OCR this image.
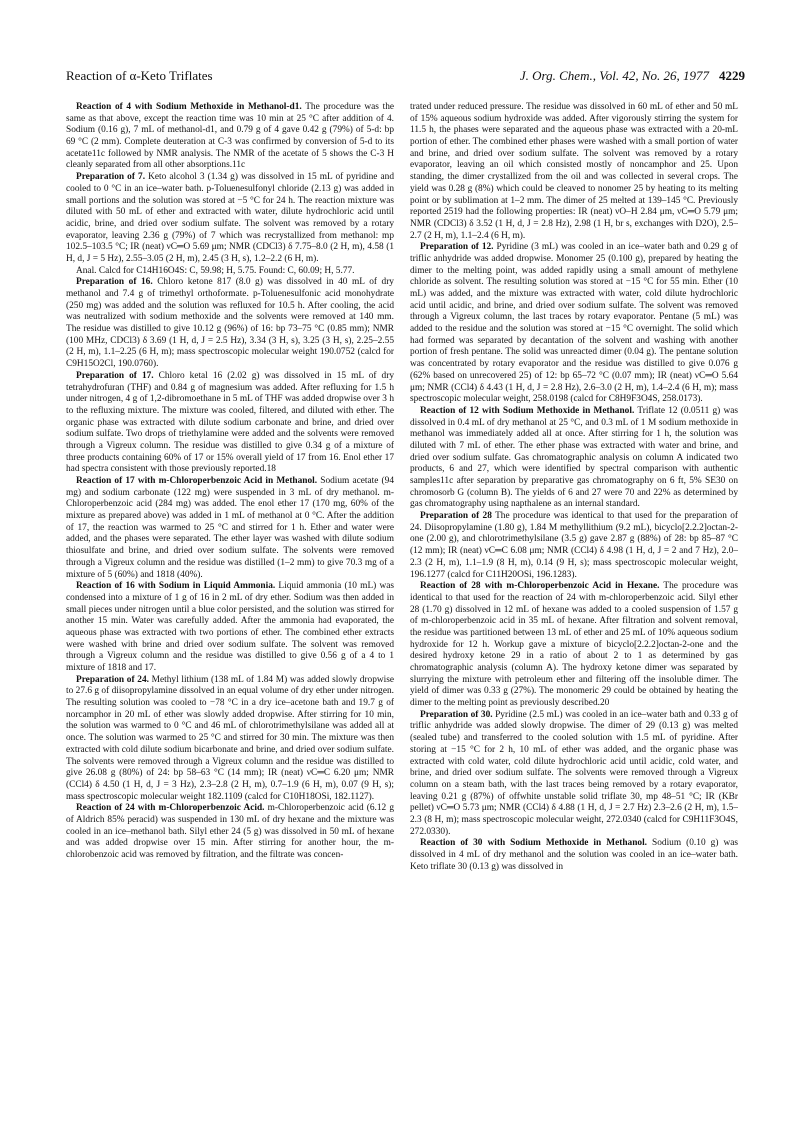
Reaction of α-Keto Triflates	J. Org. Chem., Vol. 42, No. 26, 1977 4229

Reaction of 4 with Sodium Methoxide in Methanol-d1. The procedure was the same as that above, except the reaction time was 10 min at 25 °C after addition of 4. Sodium (0.16 g), 7 mL of methanol-d1, and 0.79 g of 4 gave 0.42 g (79%) of 5-d: bp 69 °C (2 mm). Complete deuteration at C-3 was confirmed by conversion of 5-d to its acetate11c followed by NMR analysis. The NMR of the acetate of 5 shows the C-3 H cleanly separated from all other absorptions.11c

Preparation of 7. Keto alcohol 3 (1.34 g) was dissolved in 15 mL of pyridine and cooled to 0 °C in an ice–water bath. p-Toluenesulfonyl chloride (2.13 g) was added in small portions and the solution was stored at −5 °C for 24 h. The reaction mixture was diluted with 50 mL of ether and extracted with water, dilute hydrochloric acid until acidic, brine, and dried over sodium sulfate. The solvent was removed by a rotary evaporator, leaving 2.36 g (79%) of 7 which was recrystallized from methanol: mp 102.5–103.5 °C; IR (neat) νC═O 5.69 μm; NMR (CDCl3) δ 7.75–8.0 (2 H, m), 4.58 (1 H, d, J = 5 Hz), 2.55–3.05 (2 H, m), 2.45 (3 H, s), 1.2–2.2 (6 H, m).

Anal. Calcd for C14H16O4S: C, 59.98; H, 5.75. Found: C, 60.09; H, 5.77.

Preparation of 16. Chloro ketone 817 (8.0 g) was dissolved in 40 mL of dry methanol and 7.4 g of trimethyl orthoformate. p-Toluenesulfonic acid monohydrate (250 mg) was added and the solution was refluxed for 10.5 h. After cooling, the acid was neutralized with sodium methoxide and the solvents were removed at 140 mm. The residue was distilled to give 10.12 g (96%) of 16: bp 73–75 °C (0.85 mm); NMR (100 MHz, CDCl3) δ 3.69 (1 H, d, J = 2.5 Hz), 3.34 (3 H, s), 3.25 (3 H, s), 2.25–2.55 (2 H, m), 1.1–2.25 (6 H, m); mass spectroscopic molecular weight 190.0752 (calcd for C9H15O2Cl, 190.0760).

Preparation of 17. Chloro ketal 16 (2.02 g) was dissolved in 15 mL of dry tetrahydrofuran (THF) and 0.84 g of magnesium was added. After refluxing for 1.5 h under nitrogen, 4 g of 1,2-dibromoethane in 5 mL of THF was added dropwise over 3 h to the refluxing mixture. The mixture was cooled, filtered, and diluted with ether. The organic phase was extracted with dilute sodium carbonate and brine, and dried over sodium sulfate. Two drops of triethylamine were added and the solvents were removed through a Vigreux column. The residue was distilled to give 0.34 g of a mixture of three products containing 60% of 17 or 15% overall yield of 17 from 16. Enol ether 17 had spectra consistent with those previously reported.18

Reaction of 17 with m-Chloroperbenzoic Acid in Methanol. Sodium acetate (94 mg) and sodium carbonate (122 mg) were suspended in 3 mL of dry methanol. m-Chloroperbenzoic acid (284 mg) was added. The enol ether 17 (170 mg, 60% of the mixture as prepared above) was added in 1 mL of methanol at 0 °C. After the addition of 17, the reaction was warmed to 25 °C and stirred for 1 h. Ether and water were added, and the phases were separated. The ether layer was washed with dilute sodium thiosulfate and brine, and dried over sodium sulfate. The solvents were removed through a Vigreux column and the residue was distilled (1–2 mm) to give 70.3 mg of a mixture of 5 (60%) and 1818 (40%).

Reaction of 16 with Sodium in Liquid Ammonia. Liquid ammonia (10 mL) was condensed into a mixture of 1 g of 16 in 2 mL of dry ether. Sodium was then added in small pieces under nitrogen until a blue color persisted, and the solution was stirred for another 15 min. Water was carefully added. After the ammonia had evaporated, the aqueous phase was extracted with two portions of ether. The combined ether extracts were washed with brine and dried over sodium sulfate. The solvent was removed through a Vigreux column and the residue was distilled to give 0.56 g of a 4 to 1 mixture of 1818 and 17.

Preparation of 24. Methyl lithium (138 mL of 1.84 M) was added slowly dropwise to 27.6 g of diisopropylamine dissolved in an equal volume of dry ether under nitrogen. The resulting solution was cooled to −78 °C in a dry ice–acetone bath and 19.7 g of norcamphor in 20 mL of ether was slowly added dropwise. After stirring for 10 min, the solution was warmed to 0 °C and 46 mL of chlorotrimethylsilane was added all at once. The solution was warmed to 25 °C and stirred for 30 min. The mixture was then extracted with cold dilute sodium bicarbonate and brine, and dried over sodium sulfate. The solvents were removed through a Vigreux column and the residue was distilled to give 26.08 g (80%) of 24: bp 58–63 °C (14 mm); IR (neat) νC═C 6.20 μm; NMR (CCl4) δ 4.50 (1 H, d, J = 3 Hz), 2.3–2.8 (2 H, m), 0.7–1.9 (6 H, m), 0.07 (9 H, s); mass spectroscopic molecular weight 182.1109 (calcd for C10H18OSi, 182.1127).

Reaction of 24 with m-Chloroperbenzoic Acid. m-Chloroperbenzoic acid (6.12 g of Aldrich 85% peracid) was suspended in 130 mL of dry hexane and the mixture was cooled in an ice–methanol bath. Silyl ether 24 (5 g) was dissolved in 50 mL of hexane and was added dropwise over 15 min. After stirring for another hour, the m-chlorobenzoic acid was removed by filtration, and the filtrate was concen-

trated under reduced pressure. The residue was dissolved in 60 mL of ether and 50 mL of 15% aqueous sodium hydroxide was added. After vigorously stirring the system for 11.5 h, the phases were separated and the aqueous phase was extracted with a 20-mL portion of ether. The combined ether phases were washed with a small portion of water and brine, and dried over sodium sulfate. The solvent was removed by a rotary evaporator, leaving an oil which consisted mostly of noncamphor and 25. Upon standing, the dimer crystallized from the oil and was collected in several crops. The yield was 0.28 g (8%) which could be cleaved to nonomer 25 by heating to its melting point or by sublimation at 1–2 mm. The dimer of 25 melted at 139–145 °C. Previously reported 2519 had the following properties: IR (neat) νO–H 2.84 μm, νC═O 5.79 μm; NMR (CDCl3) δ 3.52 (1 H, d, J = 2.8 Hz), 2.98 (1 H, br s, exchanges with D2O), 2.5–2.7 (2 H, m), 1.1–2.4 (6 H, m).

Preparation of 12. Pyridine (3 mL) was cooled in an ice–water bath and 0.29 g of triflic anhydride was added dropwise. Monomer 25 (0.100 g), prepared by heating the dimer to the melting point, was added rapidly using a small amount of methylene chloride as solvent. The resulting solution was stored at −15 °C for 55 min. Ether (10 mL) was added, and the mixture was extracted with water, cold dilute hydrochloric acid until acidic, and brine, and dried over sodium sulfate. The solvent was removed through a Vigreux column, the last traces by rotary evaporator. Pentane (5 mL) was added to the residue and the solution was stored at −15 °C overnight. The solid which had formed was separated by decantation of the solvent and washing with another portion of fresh pentane. The solid was unreacted dimer (0.04 g). The pentane solution was concentrated by rotary evaporator and the residue was distilled to give 0.076 g (62% based on unrecovered 25) of 12: bp 65–72 °C (0.07 mm); IR (neat) νC═O 5.64 μm; NMR (CCl4) δ 4.43 (1 H, d, J = 2.8 Hz), 2.6–3.0 (2 H, m), 1.4–2.4 (6 H, m); mass spectroscopic molecular weight, 258.0198 (calcd for C8H9F3O4S, 258.0173).

Reaction of 12 with Sodium Methoxide in Methanol. Triflate 12 (0.0511 g) was dissolved in 0.4 mL of dry methanol at 25 °C, and 0.3 mL of 1 M sodium methoxide in methanol was immediately added all at once. After stirring for 1 h, the solution was diluted with 7 mL of ether. The ether phase was extracted with water and brine, and dried over sodium sulfate. Gas chromatographic analysis on column A indicated two products, 6 and 27, which were identified by spectral comparison with authentic samples11c after separation by preparative gas chromatography on 6 ft, 5% SE30 on chromosorb G (column B). The yields of 6 and 27 were 70 and 22% as determined by gas chromatography using napthalene as an internal standard.

Preparation of 28 The procedure was identical to that used for the preparation of 24. Diisopropylamine (1.80 g), 1.84 M methyllithium (9.2 mL), bicyclo[2.2.2]octan-2-one (2.00 g), and chlorotrimethylsilane (3.5 g) gave 2.87 g (88%) of 28: bp 85–87 °C (12 mm); IR (neat) νC═C 6.08 μm; NMR (CCl4) δ 4.98 (1 H, d, J = 2 and 7 Hz), 2.0–2.3 (2 H, m), 1.1–1.9 (8 H, m), 0.14 (9 H, s); mass spectroscopic molecular weight, 196.1277 (calcd for C11H20OSi, 196.1283).

Reaction of 28 with m-Chloroperbenzoic Acid in Hexane. The procedure was identical to that used for the reaction of 24 with m-chloroperbenzoic acid. Silyl ether 28 (1.70 g) dissolved in 12 mL of hexane was added to a cooled suspension of 1.57 g of m-chloroperbenzoic acid in 35 mL of hexane. After filtration and solvent removal, the residue was partitioned between 13 mL of ether and 25 mL of 10% aqueous sodium hydroxide for 12 h. Workup gave a mixture of bicyclo[2.2.2]octan-2-one and the desired hydroxy ketone 29 in a ratio of about 2 to 1 as determined by gas chromatographic analysis (column A). The hydroxy ketone dimer was separated by slurrying the mixture with petroleum ether and filtering off the insoluble dimer. The yield of dimer was 0.33 g (27%). The monomeric 29 could be obtained by heating the dimer to the melting point as previously described.20

Preparation of 30. Pyridine (2.5 mL) was cooled in an ice–water bath and 0.33 g of triflic anhydride was added slowly dropwise. The dimer of 29 (0.13 g) was melted (sealed tube) and transferred to the cooled solution with 1.5 mL of pyridine. After storing at −15 °C for 2 h, 10 mL of ether was added, and the organic phase was extracted with cold water, cold dilute hydrochloric acid until acidic, cold water, and brine, and dried over sodium sulfate. The solvents were removed through a Vigreux column on a steam bath, with the last traces being removed by a rotary evaporator, leaving 0.21 g (87%) of offwhite unstable solid triflate 30, mp 48–51 °C; IR (KBr pellet) νC═O 5.73 μm; NMR (CCl4) δ 4.88 (1 H, d, J = 2.7 Hz) 2.3–2.6 (2 H, m), 1.5–2.3 (8 H, m); mass spectroscopic molecular weight, 272.0340 (calcd for C9H11F3O4S, 272.0330).

Reaction of 30 with Sodium Methoxide in Methanol. Sodium (0.10 g) was dissolved in 4 mL of dry methanol and the solution was cooled in an ice–water bath. Keto triflate 30 (0.13 g) was dissolved in
